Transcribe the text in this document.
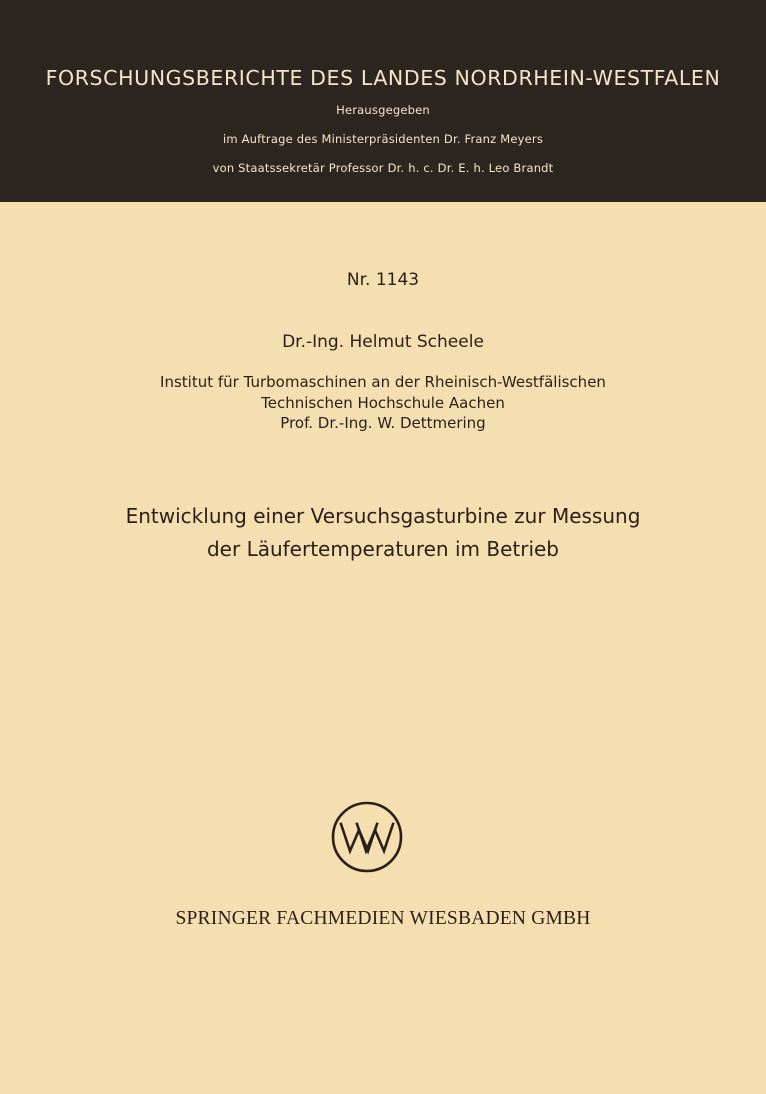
FORSCHUNGSBERICHTE DES LANDES NORDRHEIN-WESTFALEN
Herausgegeben
im Auftrage des Ministerpräsidenten Dr. Franz Meyers
von Staatssekretär Professor Dr. h. c. Dr. E. h. Leo Brandt
Nr. 1143
Dr.-Ing. Helmut Scheele
Institut für Turbomaschinen an der Rheinisch-Westfälischen
Technischen Hochschule Aachen
Prof. Dr.-Ing. W. Dettmering
Entwicklung einer Versuchsgasturbine zur Messung
der Läufertemperaturen im Betrieb
SPRINGER FACHMEDIEN WIESBADEN GMBH
